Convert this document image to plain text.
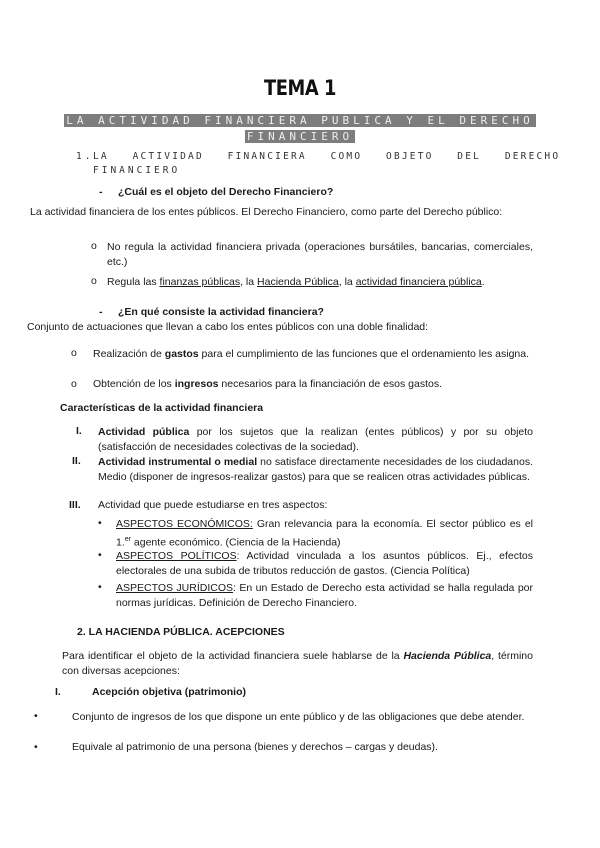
TEMA 1
LA ACTIVIDAD FINANCIERA PUBLICA Y EL DERECHO
FINANCIERO
1. LA   ACTIVIDAD   FINANCIERA   COMO   OBJETO   DEL   DERECHO
FINANCIERO
- ¿Cuál es el objeto del Derecho Financiero?
La actividad financiera de los entes públicos. El Derecho Financiero, como parte del Derecho público:
o No regula la actividad financiera privada (operaciones bursátiles, bancarias, comerciales, etc.)
o Regula las finanzas públicas, la Hacienda Pública, la actividad financiera pública.
- ¿En qué consiste la actividad financiera?
Conjunto de actuaciones que llevan a cabo los entes públicos con una doble finalidad:
o Realización de gastos para el cumplimiento de las funciones que el ordenamiento les asigna.
o Obtención de los ingresos necesarios para la financiación de esos gastos.
Características de la actividad financiera
I. Actividad pública por los sujetos que la realizan (entes públicos) y por su objeto (satisfacción de necesidades colectivas de la sociedad).
II. Actividad instrumental o medial no satisface directamente necesidades de los ciudadanos. Medio (disponer de ingresos-realizar gastos) para que se realicen otras actividades públicas.
III. Actividad que puede estudiarse en tres aspectos:
• ASPECTOS ECONÓMICOS: Gran relevancia para la economía. El sector público es el 1.$^{er}$ agente económico. (Ciencia de la Hacienda)
• ASPECTOS POLÍTICOS: Actividad vinculada a los asuntos públicos. Ej., efectos electorales de una subida de tributos reducción de gastos. (Ciencia Política)
• ASPECTOS JURÍDICOS: En un Estado de Derecho esta actividad se halla regulada por normas jurídicas. Definición de Derecho Financiero.
2. LA HACIENDA PÚBLICA. ACEPCIONES
Para identificar el objeto de la actividad financiera suele hablarse de la Hacienda Pública, término con diversas acepciones:
I.	Acepción objetiva (patrimonio)
•	Conjunto de ingresos de los que dispone un ente público y de las obligaciones que debe atender.
•	Equivale al patrimonio de una persona (bienes y derechos – cargas y deudas).
